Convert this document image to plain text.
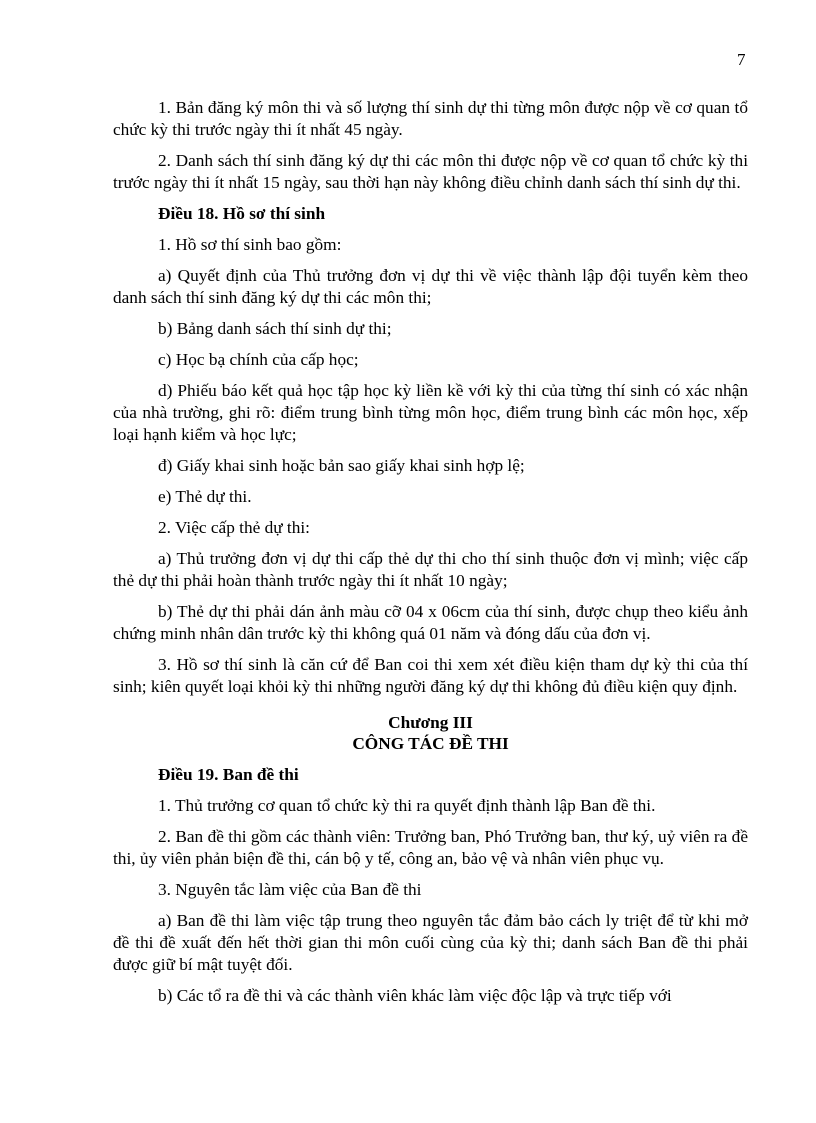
7

1. Bản đăng ký môn thi và số lượng thí sinh dự thi từng môn được nộp về cơ quan tổ chức kỳ thi trước ngày thi ít nhất 45 ngày.

2. Danh sách thí sinh đăng ký dự thi các môn thi được nộp về cơ quan tổ chức kỳ thi trước ngày thi ít nhất 15 ngày, sau thời hạn này không điều chỉnh danh sách thí sinh dự thi.

Điều 18. Hồ sơ thí sinh

1. Hồ sơ thí sinh bao gồm:

a) Quyết định của Thủ trưởng đơn vị dự thi về việc thành lập đội tuyển kèm theo danh sách thí sinh đăng ký dự thi các môn thi;

b) Bảng danh sách thí sinh dự thi;

c) Học bạ chính của cấp học;

d) Phiếu báo kết quả học tập học kỳ liền kề với kỳ thi của từng thí sinh có xác nhận của nhà trường, ghi rõ: điểm trung bình từng môn học, điểm trung bình các môn học, xếp loại hạnh kiểm và học lực;

đ) Giấy khai sinh hoặc bản sao giấy khai sinh hợp lệ;

e) Thẻ dự thi.

2. Việc cấp thẻ dự thi:

a) Thủ trưởng đơn vị dự thi cấp thẻ dự thi cho thí sinh thuộc đơn vị mình; việc cấp thẻ dự thi phải hoàn thành trước ngày thi ít nhất 10 ngày;

b) Thẻ dự thi phải dán ảnh màu cỡ 04 x 06cm của thí sinh, được chụp theo kiểu ảnh chứng minh nhân dân trước kỳ thi không quá 01 năm và đóng dấu của đơn vị.

3. Hồ sơ thí sinh là căn cứ để Ban coi thi xem xét điều kiện tham dự kỳ thi của thí sinh; kiên quyết loại khỏi kỳ thi những người đăng ký dự thi không đủ điều kiện quy định.

Chương III
CÔNG TÁC ĐỀ THI

Điều 19. Ban đề thi

1. Thủ trưởng cơ quan tổ chức kỳ thi ra quyết định thành lập Ban đề thi.

2. Ban đề thi gồm các thành viên: Trưởng ban, Phó Trưởng ban, thư ký, uỷ viên ra đề thi, ủy viên phản biện đề thi, cán bộ y tế, công an, bảo vệ và nhân viên phục vụ.

3. Nguyên tắc làm việc của Ban đề thi

a) Ban đề thi làm việc tập trung theo nguyên tắc đảm bảo cách ly triệt để từ khi mở đề thi đề xuất đến hết thời gian thi môn cuối cùng của kỳ thi; danh sách Ban đề thi phải được giữ bí mật tuyệt đối.

b) Các tổ ra đề thi và các thành viên khác làm việc độc lập và trực tiếp với
